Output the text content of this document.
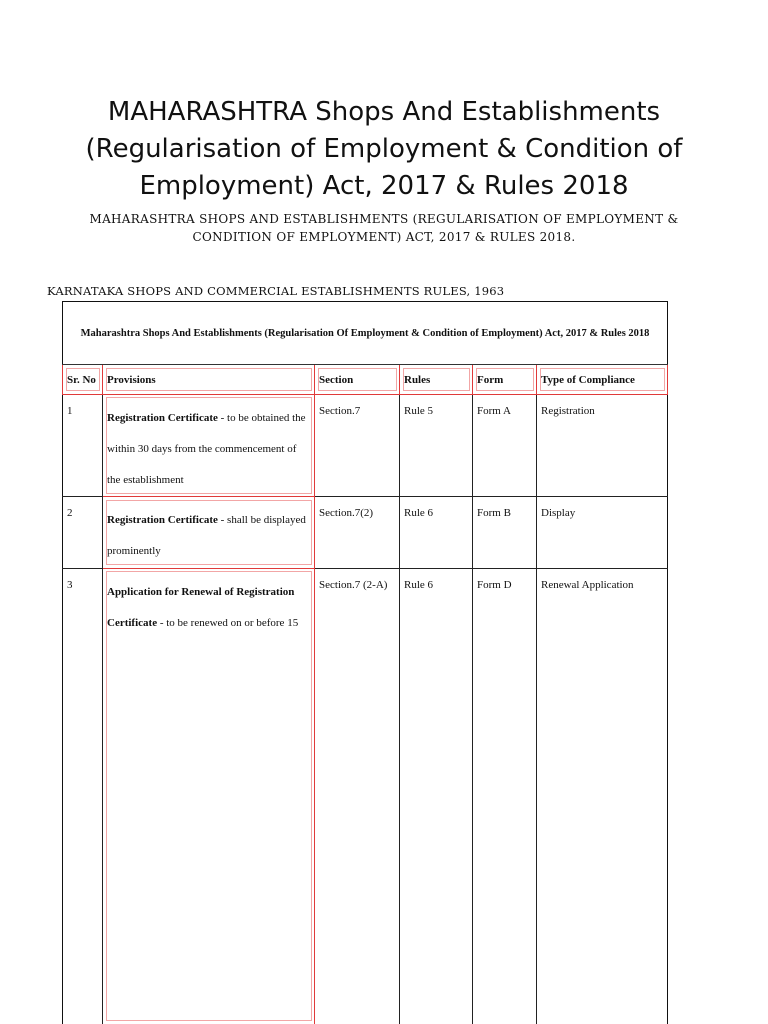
MAHARASHTRA Shops And Establishments (Regularisation of Employment & Condition of Employment) Act, 2017 & Rules 2018
MAHARASHTRA SHOPS AND ESTABLISHMENTS (REGULARISATION OF EMPLOYMENT & CONDITION OF EMPLOYMENT) ACT, 2017 & RULES 2018.
KARNATAKA SHOPS AND COMMERCIAL ESTABLISHMENTS RULES, 1963
Maharashtra Shops And Establishments (Regularisation Of Employment & Condition of Employment) Act, 2017 & Rules 2018					
Sr. No	Provisions	Section	Rules	Form	Type of Compliance

1	Registration Certificate - to be obtained the within 30 days from the commencement of the establishment	Section.7	Rule 5	Form A	Registration

2	Registration Certificate - shall be displayed prominently	Section.7(2)	Rule 6	Form B	Display

3	Application for Renewal of Registration Certificate - to be renewed on or before 15	Section.7 (2-A)	Rule 6	Form D	Renewal Application
